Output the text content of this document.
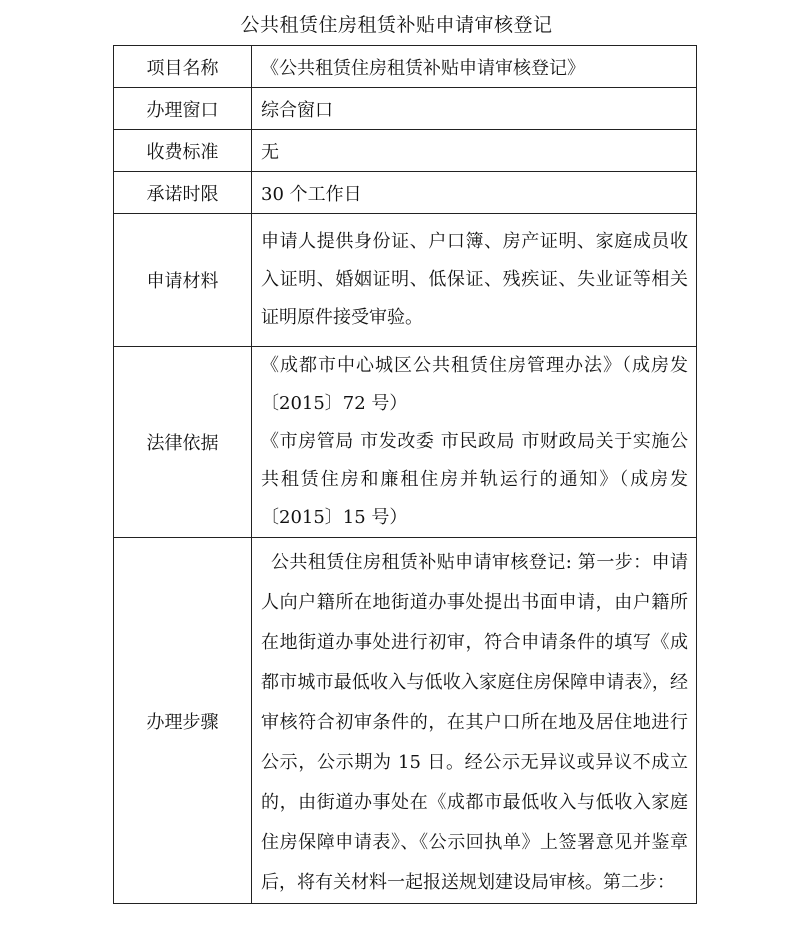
公共租赁住房租赁补贴申请审核登记
项目名称	《公共租赁住房租赁补贴申请审核登记》
办理窗口	综合窗口
收费标准	无
承诺时限	30 个工作日
申请材料	申请人提供身份证、户口簿、房产证明、家庭成员收入证明、婚姻证明、低保证、残疾证、失业证等相关证明原件接受审验。

法律依据	《成都市中心城区公共租赁住房管理办法》（成房发〔2015〕72 号）
《市房管局 市发改委 市民政局 市财政局关于实施公共租赁住房和廉租住房并轨运行的通知》（成房发〔2015〕15 号）

办理步骤	公共租赁住房租赁补贴申请审核登记: 第一步：申请人向户籍所在地街道办事处提出书面申请，由户籍所在地街道办事处进行初审，符合申请条件的填写《成都市城市最低收入与低收入家庭住房保障申请表》，经审核符合初审条件的，在其户口所在地及居住地进行公示，公示期为 15 日。经公示无异议或异议不成立的，由街道办事处在《成都市最低收入与低收入家庭住房保障申请表》、《公示回执单》上签署意见并鉴章后，将有关材料一起报送规划建设局审核。第二步：
